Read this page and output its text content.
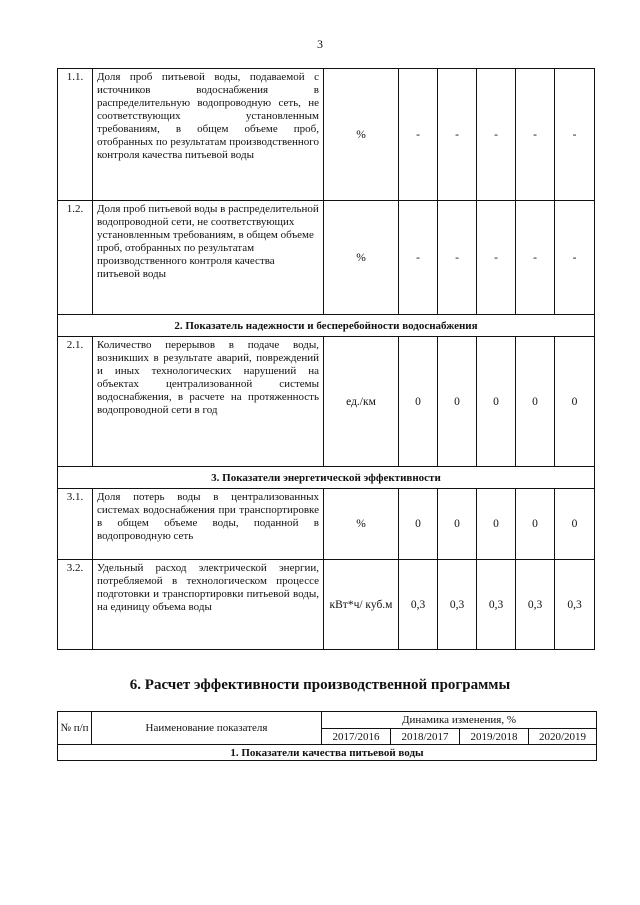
3
1.1.	Доля проб питьевой воды, подаваемой с источников водоснабжения в распределительную водопроводную сеть, не соответствующих установленным требованиям, в общем объеме проб, отобранных по результатам производственного контроля качества питьевой воды	%	-	-	-	-	-
1.2.	Доля проб питьевой воды в распределительной водопроводной сети, не соответствующих установленным требованиям, в общем объеме проб, отобранных по результатам производственного контроля качества питьевой воды	%	-	-	-	-	-
2. Показатель надежности и бесперебойности водоснабжения							
2.1.	Количество перерывов в подаче воды, возникших в результате аварий, повреждений и иных технологических нарушений на объектах централизованной системы водоснабжения, в расчете на протяженность водопроводной сети в год	ед./км	0	0	0	0	0
3. Показатели энергетической эффективности							
3.1.	Доля потерь воды в централизованных системах водоснабжения при транспортировке в общем объеме воды, поданной в водопроводную сеть	%	0	0	0	0	0
3.2.	Удельный расход электрической энергии, потребляемой в технологическом процессе подготовки и транспортировки питьевой воды, на единицу объема воды	кВт*ч/ куб.м	0,3	0,3	0,3	0,3	0,3
6. Расчет эффективности производственной программы
№ п/п	Наименование показателя	Динамика изменения, %			
		2017/2016	2018/2017	2019/2018	2020/2019
1. Показатели качества питьевой воды					
